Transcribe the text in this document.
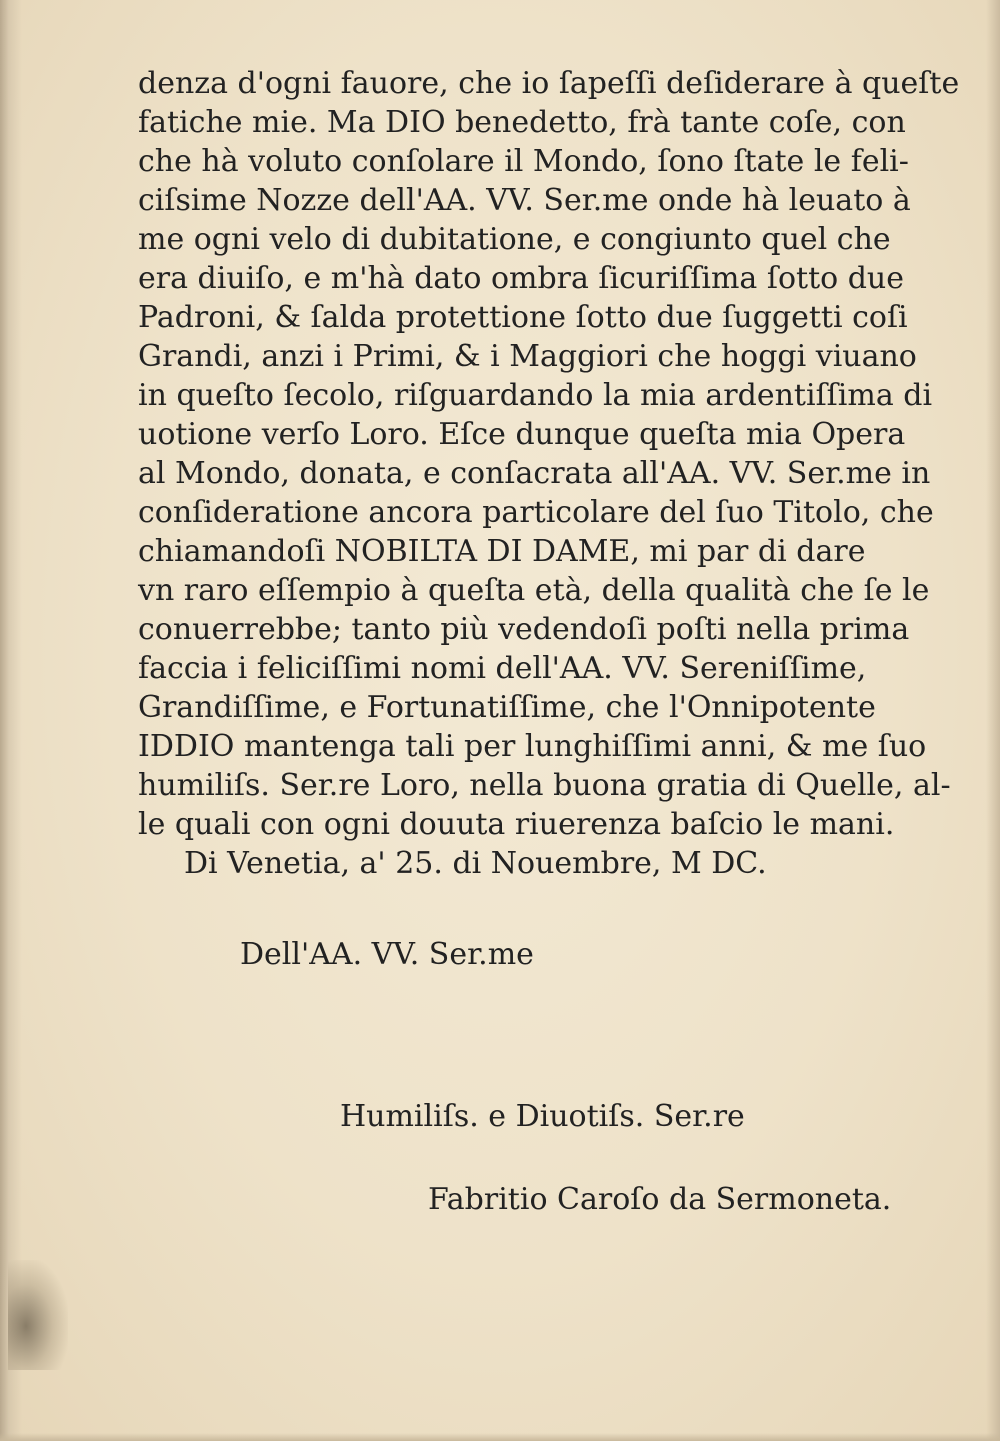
denza d'ogni fauore, che io ſapeſſi deſiderare à queſte
fatiche mie. Ma DIO benedetto, frà tante coſe, con
che hà voluto conſolare il Mondo, ſono ſtate le feli-
ciſsime Nozze dell'AA. VV. Ser.me onde hà leuato à
me ogni velo di dubitatione, e congiunto quel che
era diuiſo, e m'hà dato ombra ſicuriſſima ſotto due
Padroni, & ſalda protettione ſotto due ſuggetti coſi
Grandi, anzi i Primi, & i Maggiori che hoggi viuano
in queſto ſecolo, riſguardando la mia ardentiſſima di
uotione verſo Loro. Eſce dunque queſta mia Opera
al Mondo, donata, e conſacrata all'AA. VV. Ser.me in
conſideratione ancora particolare del ſuo Titolo, che
chiamandoſi NOBILTA DI DAME, mi par di dare
vn raro eſſempio à queſta età, della qualità che ſe le
conuerrebbe; tanto più vedendoſi poſti nella prima
faccia i feliciſſimi nomi dell'AA. VV. Sereniſſime,
Grandiſſime, e Fortunatiſſime, che l'Onnipotente
IDDIO mantenga tali per lunghiſſimi anni, & me ſuo
humiliſs. Ser.re Loro, nella buona gratia di Quelle, al-
le quali con ogni douuta riuerenza baſcio le mani.
Di Venetia, a' 25. di Nouembre, M DC.
Dell'AA. VV. Ser.me
Humiliſs. e Diuotiſs. Ser.re
Fabritio Caroſo da Sermoneta.
